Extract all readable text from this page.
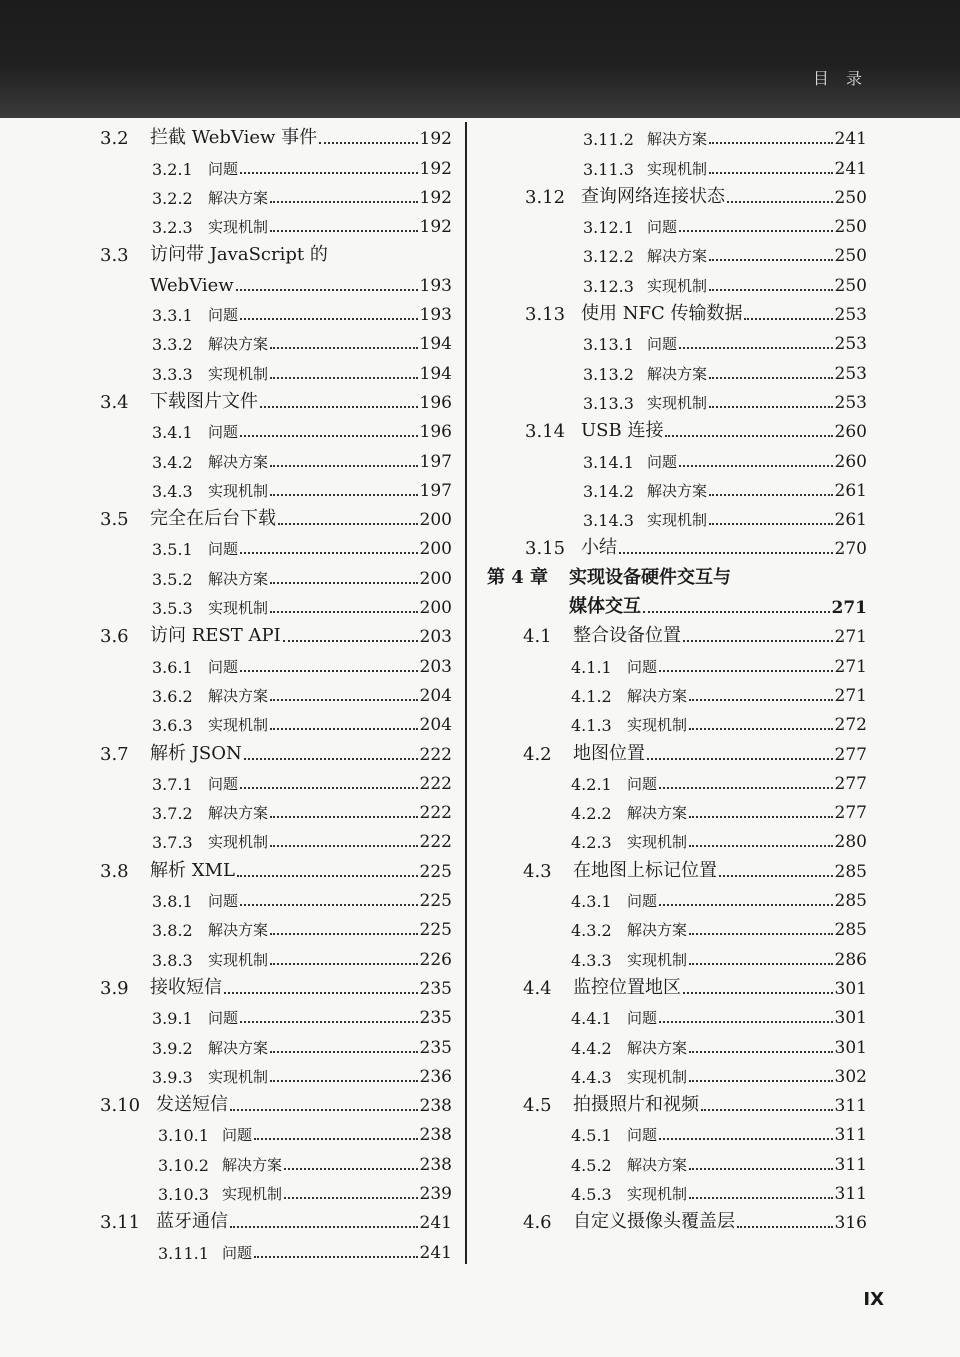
目 录
3.2	拦截 WebView 事件	192
3.2.1	问题	192
3.2.2	解决方案	192
3.2.3	实现机制	192
3.3	访问带 JavaScript 的
WebView	193
3.3.1	问题	193
3.3.2	解决方案	194
3.3.3	实现机制	194
3.4	下载图片文件	196
3.4.1	问题	196
3.4.2	解决方案	197
3.4.3	实现机制	197
3.5	完全在后台下载	200
3.5.1	问题	200
3.5.2	解决方案	200
3.5.3	实现机制	200
3.6	访问 REST API	203
3.6.1	问题	203
3.6.2	解决方案	204
3.6.3	实现机制	204
3.7	解析 JSON	222
3.7.1	问题	222
3.7.2	解决方案	222
3.7.3	实现机制	222
3.8	解析 XML	225
3.8.1	问题	225
3.8.2	解决方案	225
3.8.3	实现机制	226
3.9	接收短信	235
3.9.1	问题	235
3.9.2	解决方案	235
3.9.3	实现机制	236
3.10 发送短信	238
3.10.1 问题	238
3.10.2 解决方案	238
3.10.3 实现机制	239
3.11 蓝牙通信	241
3.11.1 问题	241
3.11.2 解决方案	241
3.11.3 实现机制	241
3.12 查询网络连接状态	250
3.12.1 问题	250
3.12.2 解决方案	250
3.12.3 实现机制	250
3.13 使用 NFC 传输数据	253
3.13.1 问题	253
3.13.2 解决方案	253
3.13.3 实现机制	253
3.14 USB 连接	260
3.14.1 问题	260
3.14.2 解决方案	261
3.14.3 实现机制	261
3.15 小结	270
第 4 章	实现设备硬件交互与
媒体交互	271
4.1	整合设备位置	271
4.1.1	问题	271
4.1.2	解决方案	271
4.1.3	实现机制	272
4.2	地图位置	277
4.2.1	问题	277
4.2.2	解决方案	277
4.2.3	实现机制	280
4.3	在地图上标记位置	285
4.3.1	问题	285
4.3.2	解决方案	285
4.3.3	实现机制	286
4.4	监控位置地区	301
4.4.1	问题	301
4.4.2	解决方案	301
4.4.3	实现机制	302
4.5	拍摄照片和视频	311
4.5.1	问题	311
4.5.2	解决方案	311
4.5.3	实现机制	311
4.6	自定义摄像头覆盖层	316
IX
